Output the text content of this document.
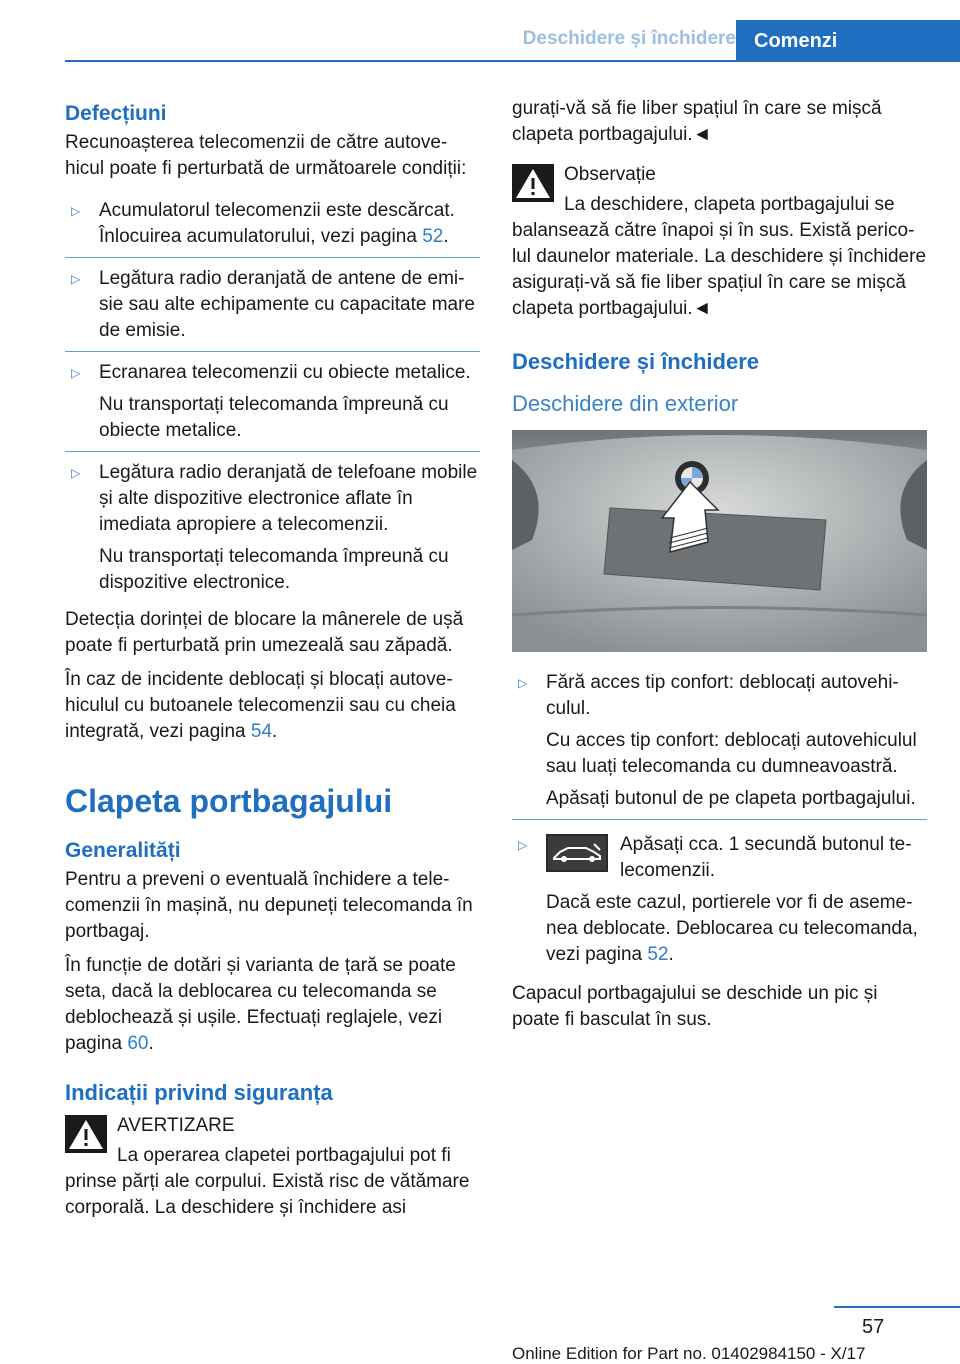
Deschidere și închidere Comenzi
Defecțiuni

Recunoașterea telecomenzii de către autovehicul poate fi perturbată de următoarele condiții:

▷ Acumulatorul telecomenzii este descărcat. Înlocuirea acumulatorului, vezi pagina 52.

▷ Legătura radio deranjată de antene de emisie sau alte echipamente cu capacitate mare de emisie.

▷ Ecranarea telecomenzii cu obiecte metalice.

Nu transportați telecomanda împreună cu obiecte metalice.

▷ Legătura radio deranjată de telefoane mobile și alte dispozitive electronice aflate în imediata apropiere a telecomenzii.

Nu transportați telecomanda împreună cu dispozitive electronice.

Detecția dorinței de blocare la mânerele de ușă poate fi perturbată prin umezeală sau zăpadă.

În caz de incidente deblocați și blocați autovehiculul cu butoanele telecomenzii sau cu cheia integrată, vezi pagina 54.

Clapeta portbagajului
Generalități

Pentru a preveni o eventuală închidere a telecomenzii în mașină, nu depuneți telecomanda în portbagaj.

În funcție de dotări și varianta de țară se poate seta, dacă la deblocarea cu telecomanda se deblochează și ușile. Efectuați reglajele, vezi pagina 60.

Indicații privind siguranța
AVERTIZARE
La operarea clapetei portbagajului pot fi prinse părți ale corpului. Există risc de vătămare corporală. La deschidere și închidere asi

gurați-vă să fie liber spațiul în care se mișcă clapeta portbagajului.◄

Observație
La deschidere, clapeta portbagajului se balansează către înapoi și în sus. Există pericolul daunelor materiale. La deschidere și închidere asigurați-vă să fie liber spațiul în care se mișcă clapeta portbagajului.◄
Deschidere și închidere
Deschidere din exterior
▷ Fără acces tip confort: deblocați autovehiculul.

Cu acces tip confort: deblocați autovehiculul sau luați telecomanda cu dumneavoastră.

Apăsați butonul de pe clapeta portbagajului.

▷	Apăsați cca. 1 secundă butonul telecomenzii.

Dacă este cazul, portierele vor fi de asemenea deblocate. Deblocarea cu telecomanda, vezi pagina 52.

Capacul portbagajului se deschide un pic și poate fi basculat în sus.

57
Online Edition for Part no. 01402984150 - X/17
